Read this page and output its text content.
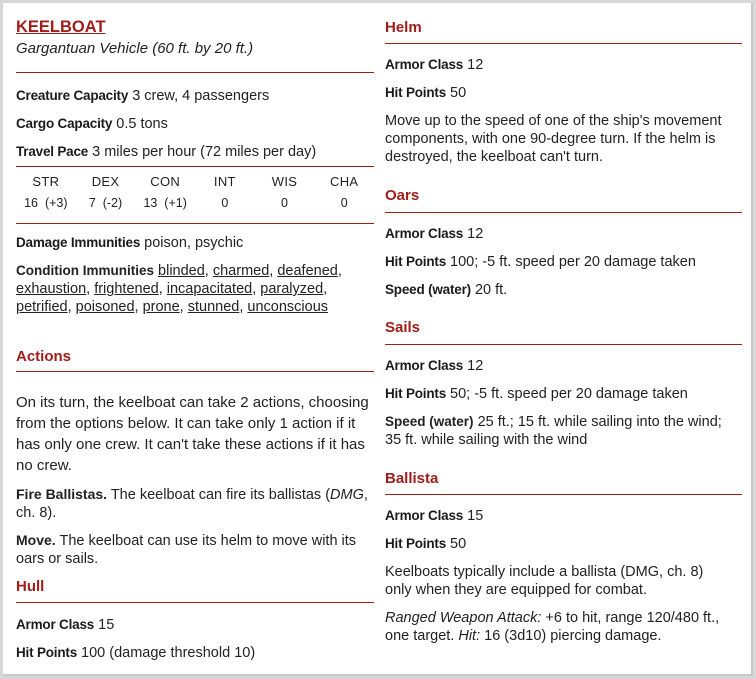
KEELBOAT
Gargantuan Vehicle (60 ft. by 20 ft.)
Creature Capacity 3 crew, 4 passengers
Cargo Capacity 0.5 tons
Travel Pace 3 miles per hour (72 miles per day)
STR	DEX	CON	INT	WIS	CHA
16  (+3)	7  (-2)	13  (+1)	0	0	0
Damage Immunities poison, psychic
Condition Immunities blinded, charmed, deafened, exhaustion, frightened, incapacitated, paralyzed, petrified, poisoned, prone, stunned, unconscious
Actions
On its turn, the keelboat can take 2 actions, choosing from the options below. It can take only 1 action if it has only one crew. It can't take these actions if it has no crew.
Fire Ballistas. The keelboat can fire its ballistas (DMG, ch. 8).
Move. The keelboat can use its helm to move with its oars or sails.
Hull
Armor Class 15
Hit Points 100 (damage threshold 10)
Helm
Armor Class 12
Hit Points 50
Move up to the speed of one of the ship's movement components, with one 90-degree turn. If the helm is destroyed, the keelboat can't turn.
Oars
Armor Class 12
Hit Points 100; -5 ft. speed per 20 damage taken
Speed (water) 20 ft.
Sails
Armor Class 12
Hit Points 50; -5 ft. speed per 20 damage taken
Speed (water) 25 ft.; 15 ft. while sailing into the wind; 35 ft. while sailing with the wind
Ballista
Armor Class 15
Hit Points 50
Keelboats typically include a ballista (DMG, ch. 8) only when they are equipped for combat.
Ranged Weapon Attack: +6 to hit, range 120/480 ft., one target. Hit: 16 (3d10) piercing damage.
